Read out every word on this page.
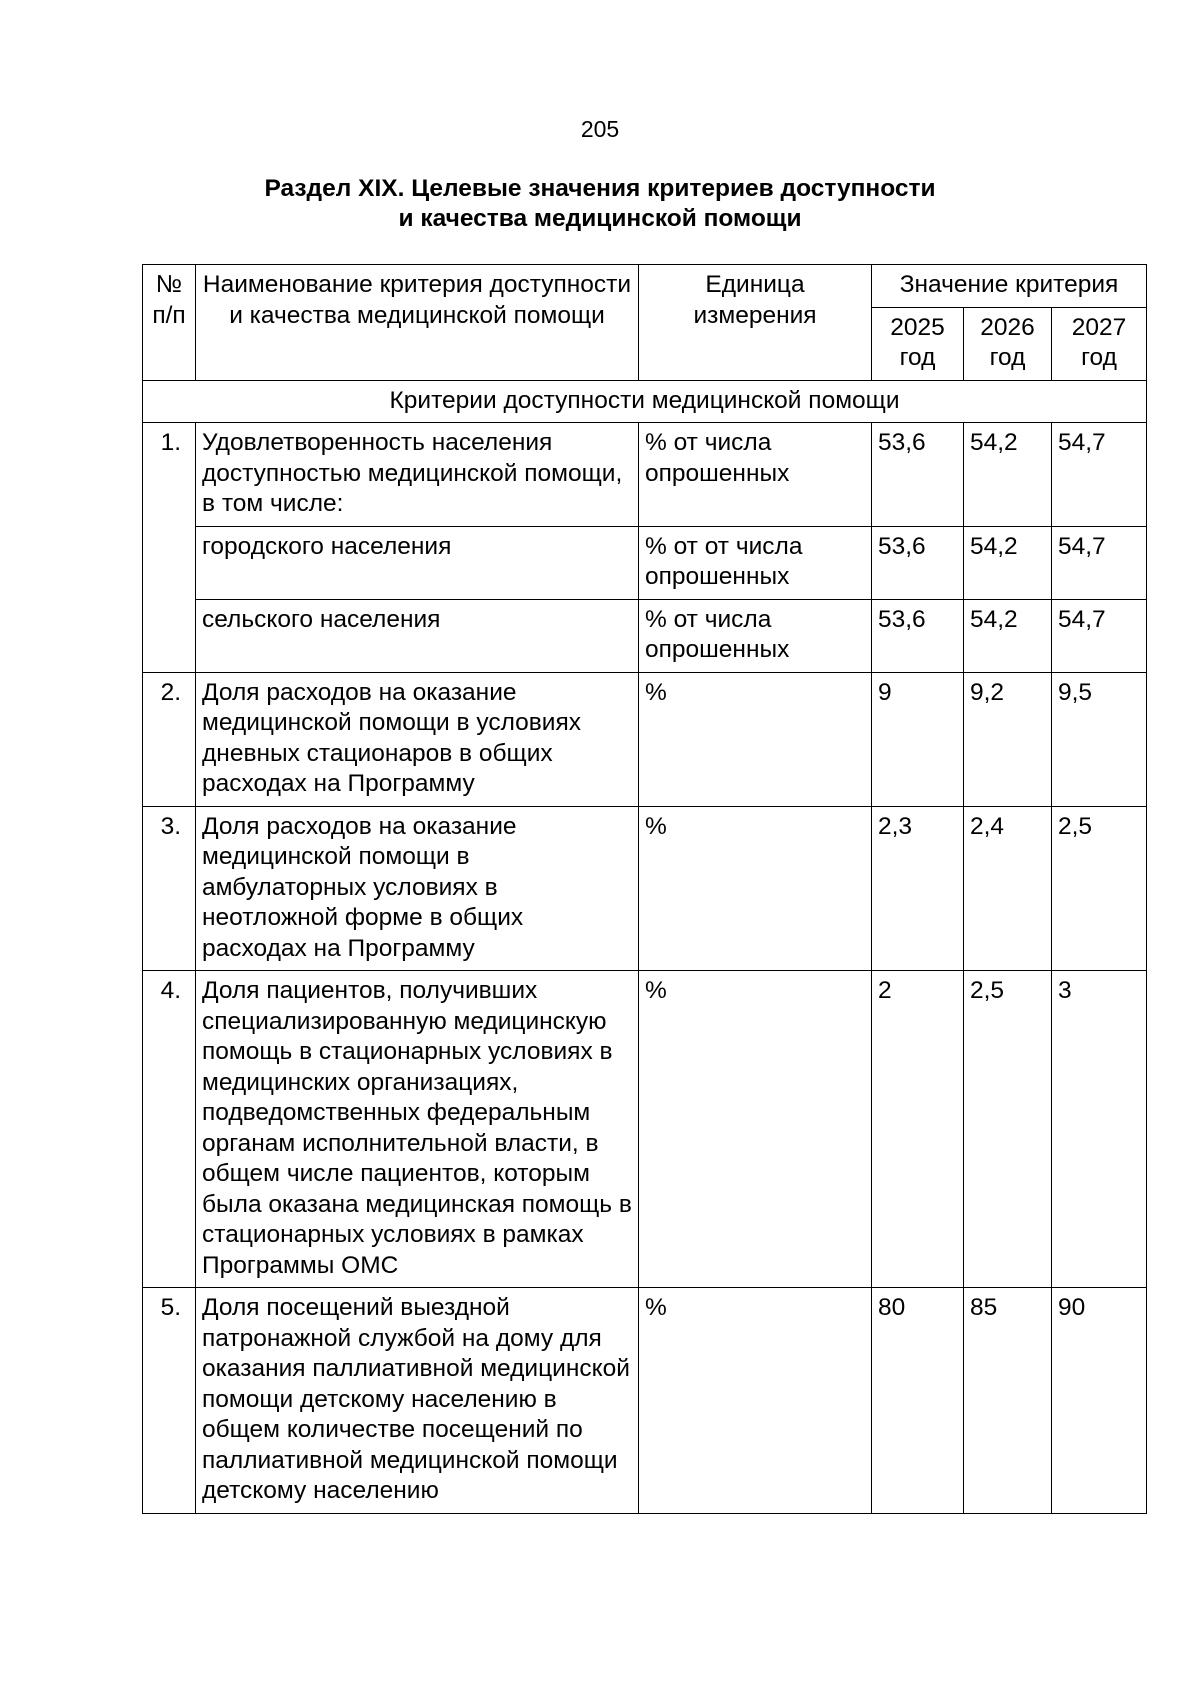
205
Раздел XIX. Целевые значения критериев доступности
и качества медицинской помощи
№ п/п	Наименование критерия доступности и качества медицинской помощи	Единица измерения	Значение критерия		
			2025 год	2026 год	2027 год
Критерии доступности медицинской помощи					
1.	Удовлетворенность населения доступностью медицинской помощи, в том числе:	% от числа опрошенных	53,6	54,2	54,7
	городского населения	% от от числа опрошенных	53,6	54,2	54,7
	сельского населения	% от числа опрошенных	53,6	54,2	54,7
2.	Доля расходов на оказание медицинской помощи в условиях дневных стационаров в общих расходах на Программу	%	9	9,2	9,5
3.	Доля расходов на оказание медицинской помощи в амбулаторных условиях в неотложной форме в общих расходах на Программу	%	2,3	2,4	2,5
4.	Доля пациентов, получивших специализированную медицинскую помощь в стационарных условиях в медицинских организациях, подведомственных федеральным органам исполнительной власти, в общем числе пациентов, которым была оказана медицинская помощь в стационарных условиях в рамках Программы ОМС	%	2	2,5	3
5.	Доля посещений выездной патронажной службой на дому для оказания паллиативной медицинской помощи детскому населению в общем количестве посещений по паллиативной медицинской помощи детскому населению	%	80	85	90
